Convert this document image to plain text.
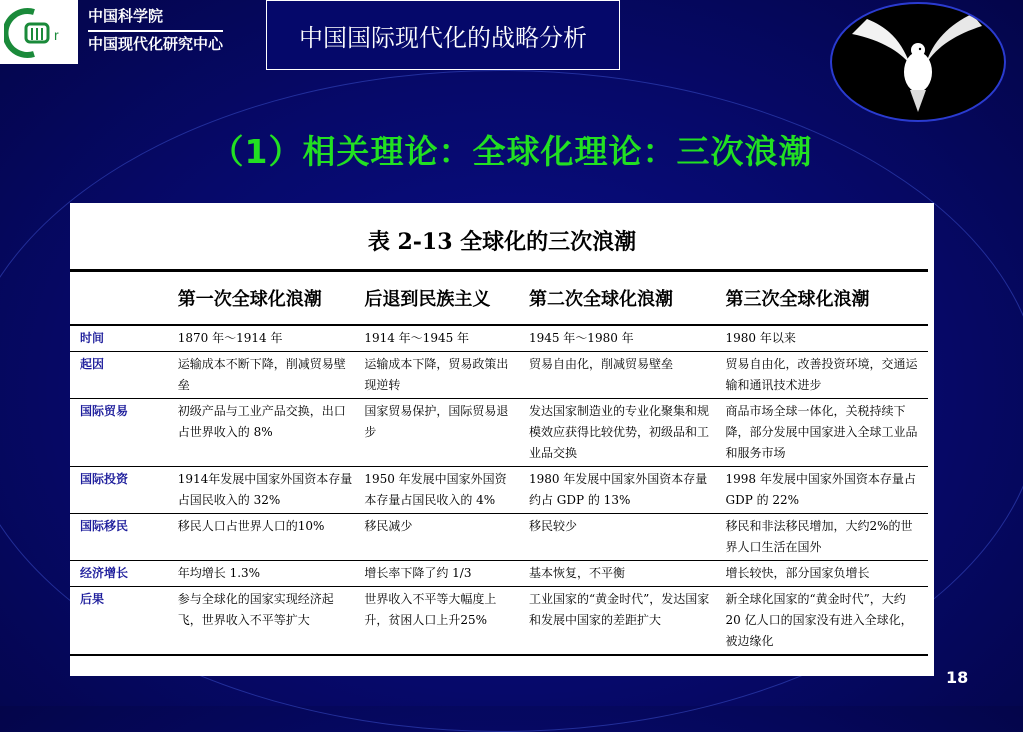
r
中国科学院
中国现代化研究中心	中国国际现代化的战略分析
（1）相关理论：全球化理论：三次浪潮
表 2-13 全球化的三次浪潮
	第一次全球化浪潮	后退到民族主义	第二次全球化浪潮	第三次全球化浪潮
时间	1870 年～1914 年	1914 年～1945 年	1945 年～1980 年	1980 年以来
起因	运输成本不断下降，削减贸易壁垒	运输成本下降，贸易政策出现逆转	贸易自由化，削减贸易壁垒	贸易自由化，改善投资环境，交通运输和通讯技术进步
国际贸易	初级产品与工业产品交换，出口占世界收入的 8%	国家贸易保护，国际贸易退步	发达国家制造业的专业化聚集和规模效应获得比较优势，初级品和工业品交换	商品市场全球一体化，关税持续下降，部分发展中国家进入全球工业品和服务市场
国际投资	1914年发展中国家外国资本存量占国民收入的 32%	1950 年发展中国家外国资本存量占国民收入的 4%	1980 年发展中国家外国资本存量约占 GDP 的 13%	1998 年发展中国家外国资本存量占 GDP 的 22%
国际移民	移民人口占世界人口的10%	移民减少	移民较少	移民和非法移民增加，大约2%的世界人口生活在国外
经济增长	年均增长 1.3%	增长率下降了约 1/3	基本恢复，不平衡	增长较快，部分国家负增长
后果	参与全球化的国家实现经济起飞，世界收入不平等扩大	世界收入不平等大幅度上升，贫困人口上升25%	工业国家的“黄金时代”，发达国家和发展中国家的差距扩大	新全球化国家的“黄金时代”，大约 20 亿人口的国家没有进入全球化，被边缘化
18
